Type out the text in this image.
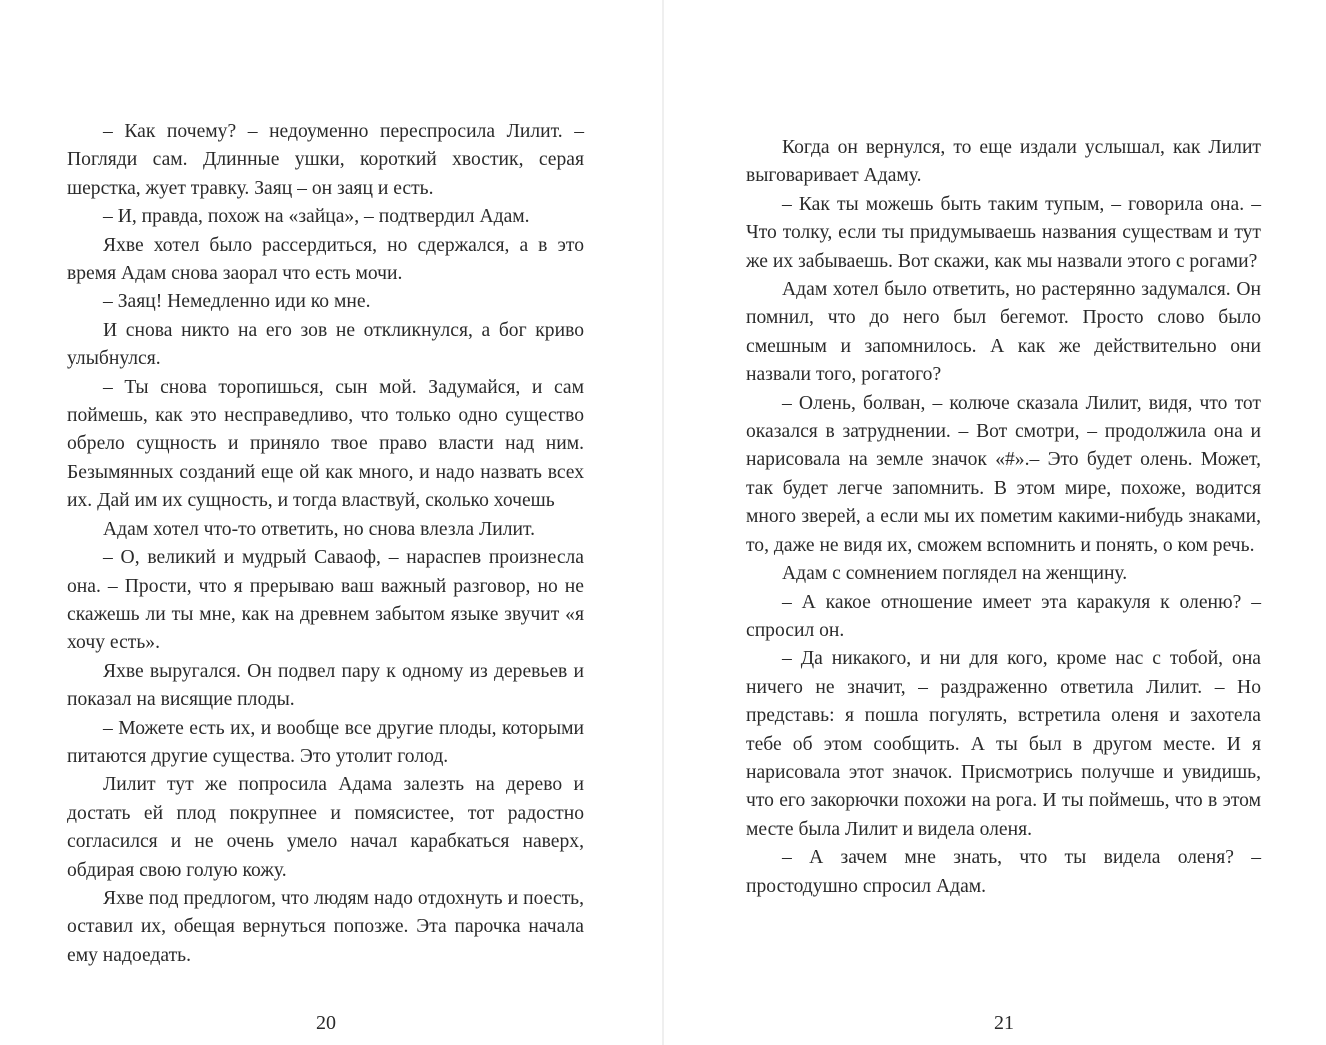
– Как почему? – недоуменно переспросила Лилит. – Погляди сам. Длинные ушки, короткий хвостик, серая шерстка, жует травку. Заяц – он заяц и есть.

– И, правда, похож на «зайца», – подтвердил Адам.

Яхве хотел было рассердиться, но сдержался, а в это время Адам снова заорал что есть мочи.

– Заяц! Немедленно иди ко мне.

И снова никто на его зов не откликнулся, а бог криво улыбнулся.

– Ты снова торопишься, сын мой. Задумайся, и сам поймешь, как это несправедливо, что только одно существо обрело сущность и приняло твое право власти над ним. Безымянных созданий еще ой как много, и надо назвать всех их. Дай им их сущность, и тогда властвуй, сколько хочешь

Адам хотел что-то ответить, но снова влезла Лилит.

– О, великий и мудрый Саваоф, – нараспев произнесла она. – Прости, что я прерываю ваш важный разговор, но не скажешь ли ты мне, как на древнем забытом языке звучит «я хочу есть».

Яхве выругался. Он подвел пару к одному из деревьев и показал на висящие плоды.

– Можете есть их, и вообще все другие плоды, которыми питаются другие существа. Это утолит голод.

Лилит тут же попросила Адама залезть на дерево и достать ей плод покрупнее и помясистее, тот радостно согласился и не очень умело начал карабкаться наверх, обдирая свою голую кожу.

Яхве под предлогом, что людям надо отдохнуть и поесть, оставил их, обещая вернуться попозже. Эта парочка начала ему надоедать.

20

Когда он вернулся, то еще издали услышал, как Лилит выговаривает Адаму.

– Как ты можешь быть таким тупым, – говорила она. – Что толку, если ты придумываешь названия существам и тут же их забываешь. Вот скажи, как мы назвали этого с рогами?

Адам хотел было ответить, но растерянно задумался. Он помнил, что до него был бегемот. Просто слово было смешным и запомнилось. А как же действительно они назвали того, рогатого?

– Олень, болван, – колюче сказала Лилит, видя, что тот оказался в затруднении. – Вот смотри, – продолжила она и нарисовала на земле значок «#».– Это будет олень. Может, так будет легче запомнить. В этом мире, похоже, водится много зверей, а если мы их пометим какими-нибудь знаками, то, даже не видя их, сможем вспомнить и понять, о ком речь.

Адам с сомнением поглядел на женщину.

– А какое отношение имеет эта каракуля к оленю? – спросил он.

– Да никакого, и ни для кого, кроме нас с тобой, она ничего не значит, – раздраженно ответила Лилит. – Но представь: я пошла погулять, встретила оленя и захотела тебе об этом сообщить. А ты был в другом месте. И я нарисовала этот значок. Присмотрись получше и увидишь, что его закорючки похожи на рога. И ты поймешь, что в этом месте была Лилит и видела оленя.

– А зачем мне знать, что ты видела оленя? – простодушно спросил Адам.

21
